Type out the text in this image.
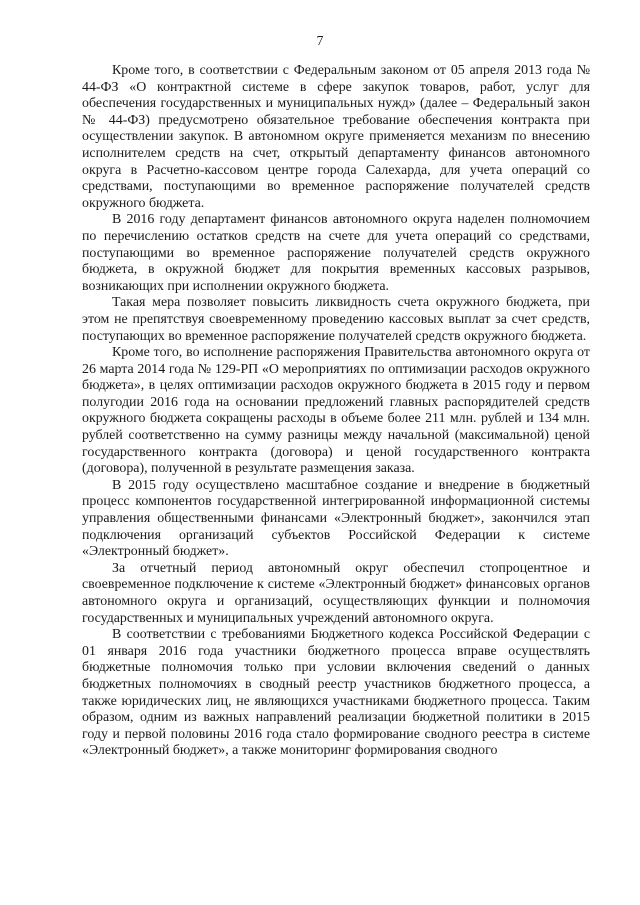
7

Кроме того, в соответствии с Федеральным законом от 05 апреля 2013 года № 44-ФЗ «О контрактной системе в сфере закупок товаров, работ, услуг для обеспечения государственных и муниципальных нужд» (далее – Федеральный закон № 44-ФЗ) предусмотрено обязательное требование обеспечения контракта при осуществлении закупок. В автономном округе применяется механизм по внесению исполнителем средств на счет, открытый департаменту финансов автономного округа в Расчетно-кассовом центре города Салехарда, для учета операций со средствами, поступающими во временное распоряжение получателей средств окружного бюджета.

В 2016 году департамент финансов автономного округа наделен полномочием по перечислению остатков средств на счете для учета операций со средствами, поступающими во временное распоряжение получателей средств окружного бюджета, в окружной бюджет для покрытия временных кассовых разрывов, возникающих при исполнении окружного бюджета.

Такая мера позволяет повысить ликвидность счета окружного бюджета, при этом не препятствуя своевременному проведению кассовых выплат за счет средств, поступающих во временное распоряжение получателей средств окружного бюджета.

Кроме того, во исполнение распоряжения Правительства автономного округа от 26 марта 2014 года № 129-РП «О мероприятиях по оптимизации расходов окружного бюджета», в целях оптимизации расходов окружного бюджета в 2015 году и первом полугодии 2016 года на основании предложений главных распорядителей средств окружного бюджета сокращены расходы в объеме более 211 млн. рублей и 134 млн. рублей соответственно на сумму разницы между начальной (максимальной) ценой государственного контракта (договора) и ценой государственного контракта (договора), полученной в результате размещения заказа.

В 2015 году осуществлено масштабное создание и внедрение в бюджетный процесс компонентов государственной интегрированной информационной системы управления общественными финансами «Электронный бюджет», закончился этап подключения организаций субъектов Российской Федерации к системе «Электронный бюджет».

За отчетный период автономный округ обеспечил стопроцентное и своевременное подключение к системе «Электронный бюджет» финансовых органов автономного округа и организаций, осуществляющих функции и полномочия государственных и муниципальных учреждений автономного округа.

В соответствии с требованиями Бюджетного кодекса Российской Федерации с 01 января 2016 года участники бюджетного процесса вправе осуществлять бюджетные полномочия только при условии включения сведений о данных бюджетных полномочиях в сводный реестр участников бюджетного процесса, а также юридических лиц, не являющихся участниками бюджетного процесса. Таким образом, одним из важных направлений реализации бюджетной политики в 2015 году и первой половины 2016 года стало формирование сводного реестра в системе «Электронный бюджет», а также мониторинг формирования сводного
